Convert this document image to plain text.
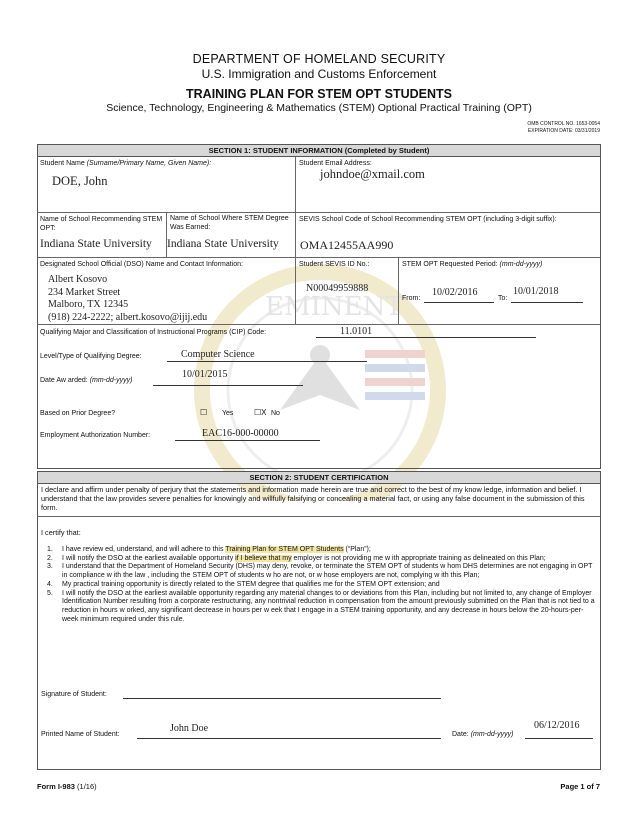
EMINENT
DEPARTMENT OF HOMELAND SECURITY
U.S. Immigration and Customs Enforcement
TRAINING PLAN FOR STEM OPT STUDENTS
Science, Technology, Engineering & Mathematics (STEM) Optional Practical Training (OPT)
OMB CONTROL NO. 1653-0054
EXPIRATION DATE: 03/31/2019
SECTION 1: STUDENT INFORMATION (Completed by Student)
Student Name (Surname/Primary Name, Given Name):
DOE, John
Student Email Address:
johndoe@xmail.com
Name of School Recommending STEM OPT:
Indiana State University
Name of School Where STEM Degree Was Earned:
Indiana State University
SEVIS School Code of School Recommending STEM OPT (including 3-digit suffix):
OMA12455AA990
Designated School Official (DSO) Name and Contact Information:
Albert Kosovo
234 Market Street
Malboro, TX 12345
(918) 224-2222; albert.kosovo@ijij.edu
Student SEVIS ID No.:
N00049959888
STEM OPT Requested Period: (mm-dd-yyyy)
From:
10/02/2016
To:
10/01/2018
Qualifying Major and Classification of Instructional Programs (CIP) Code:	11.0101
Level/Type of Qualifying Degree:	Computer Science
Date Aw arded: (mm-dd-yyyy)
10/01/2015
Based on Prior Degree?	☐ Yes	☐X No
Employment Authorization Number:	EAC16-000-00000
SECTION 2: STUDENT CERTIFICATION
I declare and affirm under penalty of perjury that the statements and information made herein are true and correct to the best of my know ledge, information and belief. I understand that the law provides severe penalties for knowingly and willfully falsifying or concealing a material fact, or using any false document in the submission of this form.
I certify that:
1. I have review ed, understand, and will adhere to this Training Plan for STEM OPT Students (“Plan”);
2. I will notify the DSO at the earliest available opportunity if I believe that my employer is not providing me w ith appropriate training as delineated on this Plan;
3. I understand that the Department of Homeland Security (DHS) may deny, revoke, or terminate the STEM OPT of students w hom DHS determines are not engaging in OPT in compliance w ith the law , including the STEM OPT of students w ho are not, or w hose employers are not, complying w ith this Plan;
4. My practical training opportunity is directly related to the STEM degree that qualifies me for the STEM OPT extension; and
5. I will notify the DSO at the earliest available opportunity regarding any material changes to or deviations from this Plan, including but not limited to, any change of Employer Identification Number resulting from a corporate restructuring, any nontrivial reduction in compensation from the amount previously submitted on the Plan that is not tied to a reduction in hours w orked, any significant decrease in hours per w eek that I engage in a STEM training opportunity, and any decrease in hours below the 20-hours-per-week minimum required under this rule.
Signature of Student:
Printed Name of Student:
John Doe
Date: (mm-dd-yyyy)
06/12/2016
Form I-983 (1/16)	Page 1 of 7
